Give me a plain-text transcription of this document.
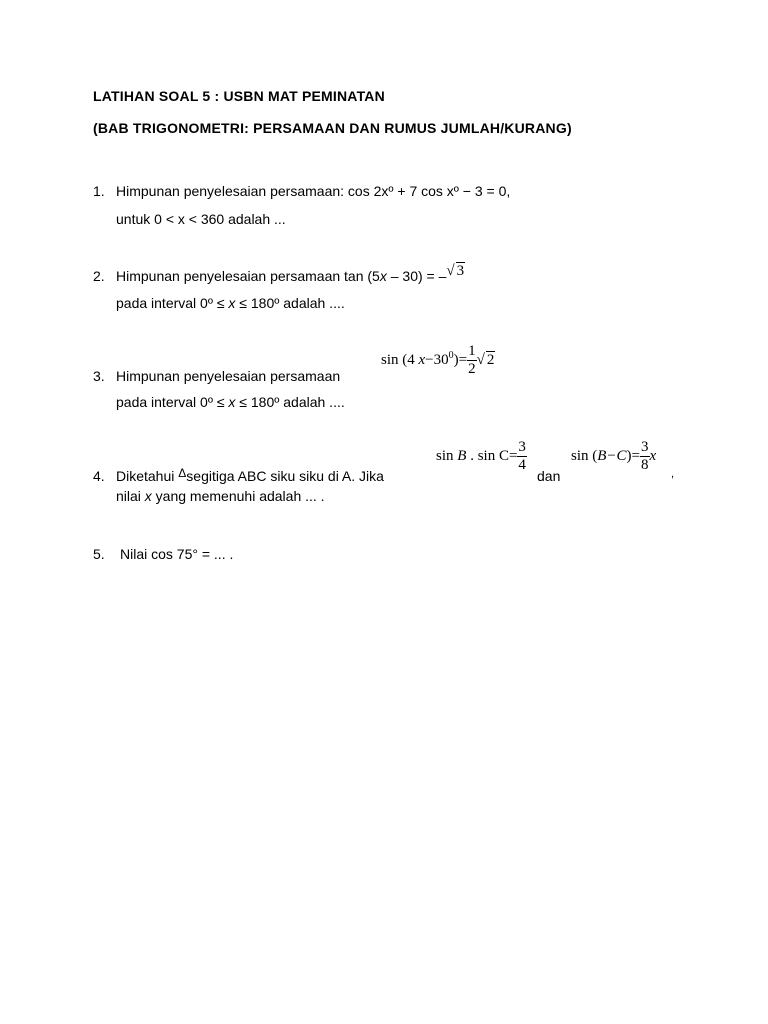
LATIHAN SOAL 5 : USBN MAT PEMINATAN
(BAB TRIGONOMETRI: PERSAMAAN DAN RUMUS JUMLAH/KURANG)
1. Himpunan penyelesaian persamaan: cos 2xº + 7 cos xº − 3 = 0,
untuk 0 < x < 360 adalah ...
2. Himpunan penyelesaian persamaan tan (5x – 30) = –√ 3
pada interval 0º ≤ x ≤ 180º adalah ....
sin (4 $x-30^0)= \frac{1}{2}$ √ 2
3. Himpunan penyelesaian persamaan
pada interval 0º ≤ x ≤ 180º adalah ....
sin B . $\sin C= \frac{3}{4}$	$\sin (B-C)= \frac{3}{8}$ x
4. Diketahui Δsegitiga ABC siku siku di A. Jika	dan	,
nilai x yang memenuhi adalah ... .
5.	Nilai cos 75° = ... .
